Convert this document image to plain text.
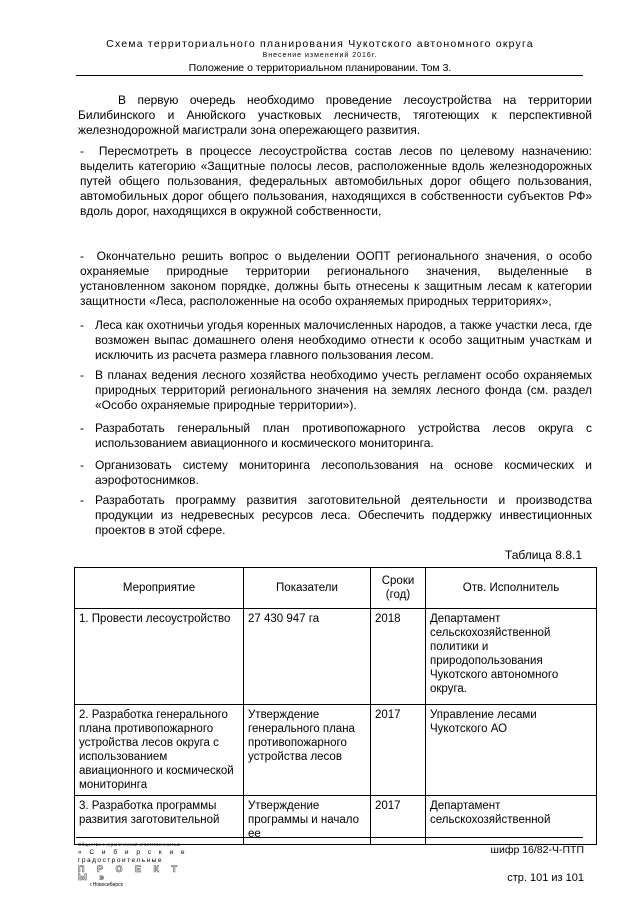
Схема территориального планирования Чукотского автономного округа
Внесение изменений 2016г.
Положение о территориальном планировании. Том 3.

В первую очередь необходимо проведение лесоустройства на территории Билибинского и Анюйского участковых лесничеств, тяготеющих к перспективной железнодорожной магистрали зона опережающего развития.

-  Пересмотреть в процессе лесоустройства состав лесов по целевому назначению: выделить категорию «Защитные полосы лесов, расположенные вдоль железнодорожных путей общего пользования, федеральных автомобильных дорог общего пользования, автомобильных дорог общего пользования, находящихся в собственности субъектов РФ» вдоль дорог, находящихся в окружной собственности,
-  Окончательно решить вопрос о выделении ООПТ регионального значения, о особо охраняемые природные территории регионального значения, выделенные в установленном законом порядке, должны быть отнесены к защитным лесам к категории защитности «Леса, расположенные на особо охраняемых природных территориях»,
- Леса как охотничьи угодья коренных малочисленных народов, а также участки леса, где возможен выпас домашнего оленя необходимо отнести к особо защитным участкам и исключить из расчета размера главного пользования лесом.
- В планах ведения лесного хозяйства необходимо учесть регламент особо охраняемых природных территорий регионального значения на землях лесного фонда (см. раздел «Особо охраняемые природные территории»).
- Разработать генеральный план противопожарного устройства лесов округа с использованием авиационного и космического мониторинга.
- Организовать систему мониторинга лесопользования на основе космических и аэрофотоснимков.
- Разработать программу развития заготовительной деятельности и производства продукции из недревесных ресурсов леса. Обеспечить поддержку инвестиционных проектов в этой сфере.
Таблица 8.8.1
Мероприятие	Показатели	Сроки (год)	Отв. Исполнитель
1. Провести лесоустройство	27 430 947 га	2018	Департамент сельскохозяйственной политики и природопользования Чукотского автономного округа.
2. Разработка генерального плана противопожарного устройства лесов округа с использованием авиационного и космической мониторинга	Утверждение генерального плана противопожарного устройства лесов	2017	Управление лесами Чукотского АО
3. Разработка программы развития заготовительной	Утверждение программы и начало ее	2017	Департамент сельскохозяйственной
Общество с ограниченной ответственностью
« С и б и р с к и е
градостроительные
П Р О Е К Т Ы »
г.Новосибирск
шифр 16/82-Ч-ПТП
стр. 101 из 101
